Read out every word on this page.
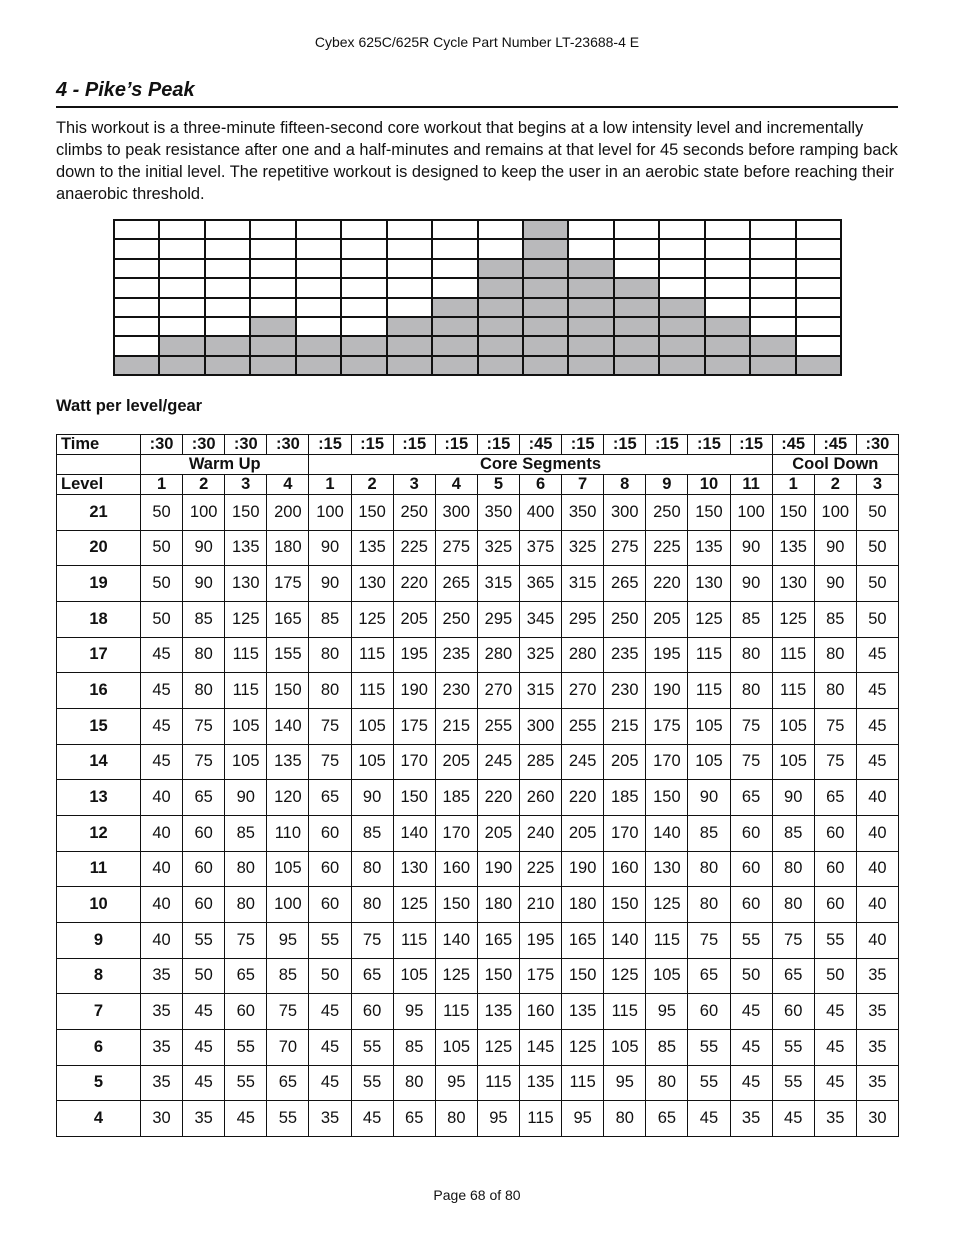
Cybex 625C/625R Cycle Part Number LT-23688-4 E
4 - Pike’s Peak

This workout is a three-minute fifteen-second core workout that begins at a low intensity level and incrementally climbs to peak resistance after one and a half-minutes and remains at that level for 45 seconds before ramping back down to the initial level. The repetitive workout is designed to keep the user in an aerobic state before reaching their anaerobic threshold.

Watt per level/gear
Time	:30	:30	:30	:30	:15	:15	:15	:15	:15	:45	:15	:15	:15	:15	:15	:45	:45	:30
	Warm Up				Core Segments											Cool Down		
Level	1	2	3	4	1	2	3	4	5	6	7	8	9	10	11	1	2	3
21	50	100	150	200	100	150	250	300	350	400	350	300	250	150	100	150	100	50
20	50	90	135	180	90	135	225	275	325	375	325	275	225	135	90	135	90	50
19	50	90	130	175	90	130	220	265	315	365	315	265	220	130	90	130	90	50
18	50	85	125	165	85	125	205	250	295	345	295	250	205	125	85	125	85	50
17	45	80	115	155	80	115	195	235	280	325	280	235	195	115	80	115	80	45
16	45	80	115	150	80	115	190	230	270	315	270	230	190	115	80	115	80	45
15	45	75	105	140	75	105	175	215	255	300	255	215	175	105	75	105	75	45
14	45	75	105	135	75	105	170	205	245	285	245	205	170	105	75	105	75	45
13	40	65	90	120	65	90	150	185	220	260	220	185	150	90	65	90	65	40
12	40	60	85	110	60	85	140	170	205	240	205	170	140	85	60	85	60	40
11	40	60	80	105	60	80	130	160	190	225	190	160	130	80	60	80	60	40
10	40	60	80	100	60	80	125	150	180	210	180	150	125	80	60	80	60	40
9	40	55	75	95	55	75	115	140	165	195	165	140	115	75	55	75	55	40
8	35	50	65	85	50	65	105	125	150	175	150	125	105	65	50	65	50	35
7	35	45	60	75	45	60	95	115	135	160	135	115	95	60	45	60	45	35
6	35	45	55	70	45	55	85	105	125	145	125	105	85	55	45	55	45	35
5	35	45	55	65	45	55	80	95	115	135	115	95	80	55	45	55	45	35
4	30	35	45	55	35	45	65	80	95	115	95	80	65	45	35	45	35	30
Page 68 of 80
